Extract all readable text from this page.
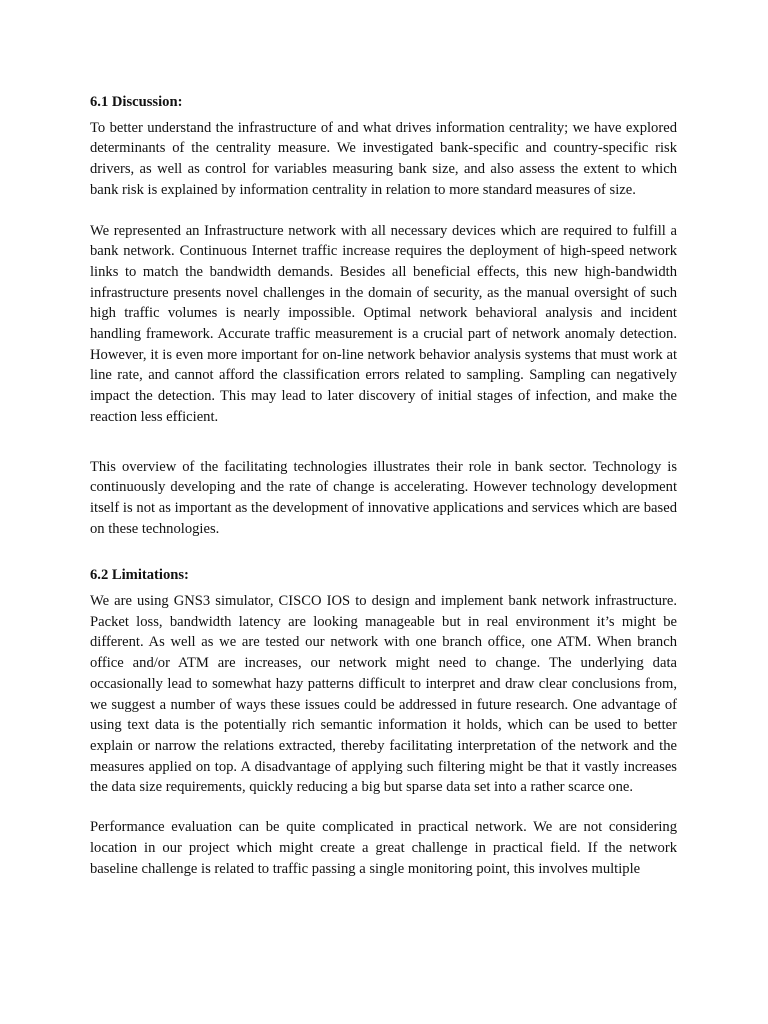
6.1 Discussion:

To better understand the infrastructure of and what drives information centrality; we have explored determinants of the centrality measure. We investigated bank-specific and country-specific risk drivers, as well as control for variables measuring bank size, and also assess the extent to which bank risk is explained by information centrality in relation to more standard measures of size.

We represented an Infrastructure network with all necessary devices which are required to fulfill a bank network. Continuous Internet traffic increase requires the deployment of high-speed network links to match the bandwidth demands. Besides all beneficial effects, this new high-bandwidth infrastructure presents novel challenges in the domain of security, as the manual oversight of such high traffic volumes is nearly impossible. Optimal network behavioral analysis and incident handling framework. Accurate traffic measurement is a crucial part of network anomaly detection. However, it is even more important for on-line network behavior analysis systems that must work at line rate, and cannot afford the classification errors related to sampling. Sampling can negatively impact the detection. This may lead to later discovery of initial stages of infection, and make the reaction less efficient.

This overview of the facilitating technologies illustrates their role in bank sector. Technology is continuously developing and the rate of change is accelerating. However technology development itself is not as important as the development of innovative applications and services which are based on these technologies.

6.2 Limitations:

We are using GNS3 simulator, CISCO IOS to design and implement bank network infrastructure. Packet loss, bandwidth latency are looking manageable but in real environment it’s might be different. As well as we are tested our network with one branch office, one ATM. When branch office and/or ATM are increases, our network might need to change. The underlying data occasionally lead to somewhat hazy patterns difficult to interpret and draw clear conclusions from, we suggest a number of ways these issues could be addressed in future research. One advantage of using text data is the potentially rich semantic information it holds, which can be used to better explain or narrow the relations extracted, thereby facilitating interpretation of the network and the measures applied on top. A disadvantage of applying such filtering might be that it vastly increases the data size requirements, quickly reducing a big but sparse data set into a rather scarce one.

Performance evaluation can be quite complicated in practical network. We are not considering location in our project which might create a great challenge in practical field. If the network baseline challenge is related to traffic passing a single monitoring point, this involves multiple
